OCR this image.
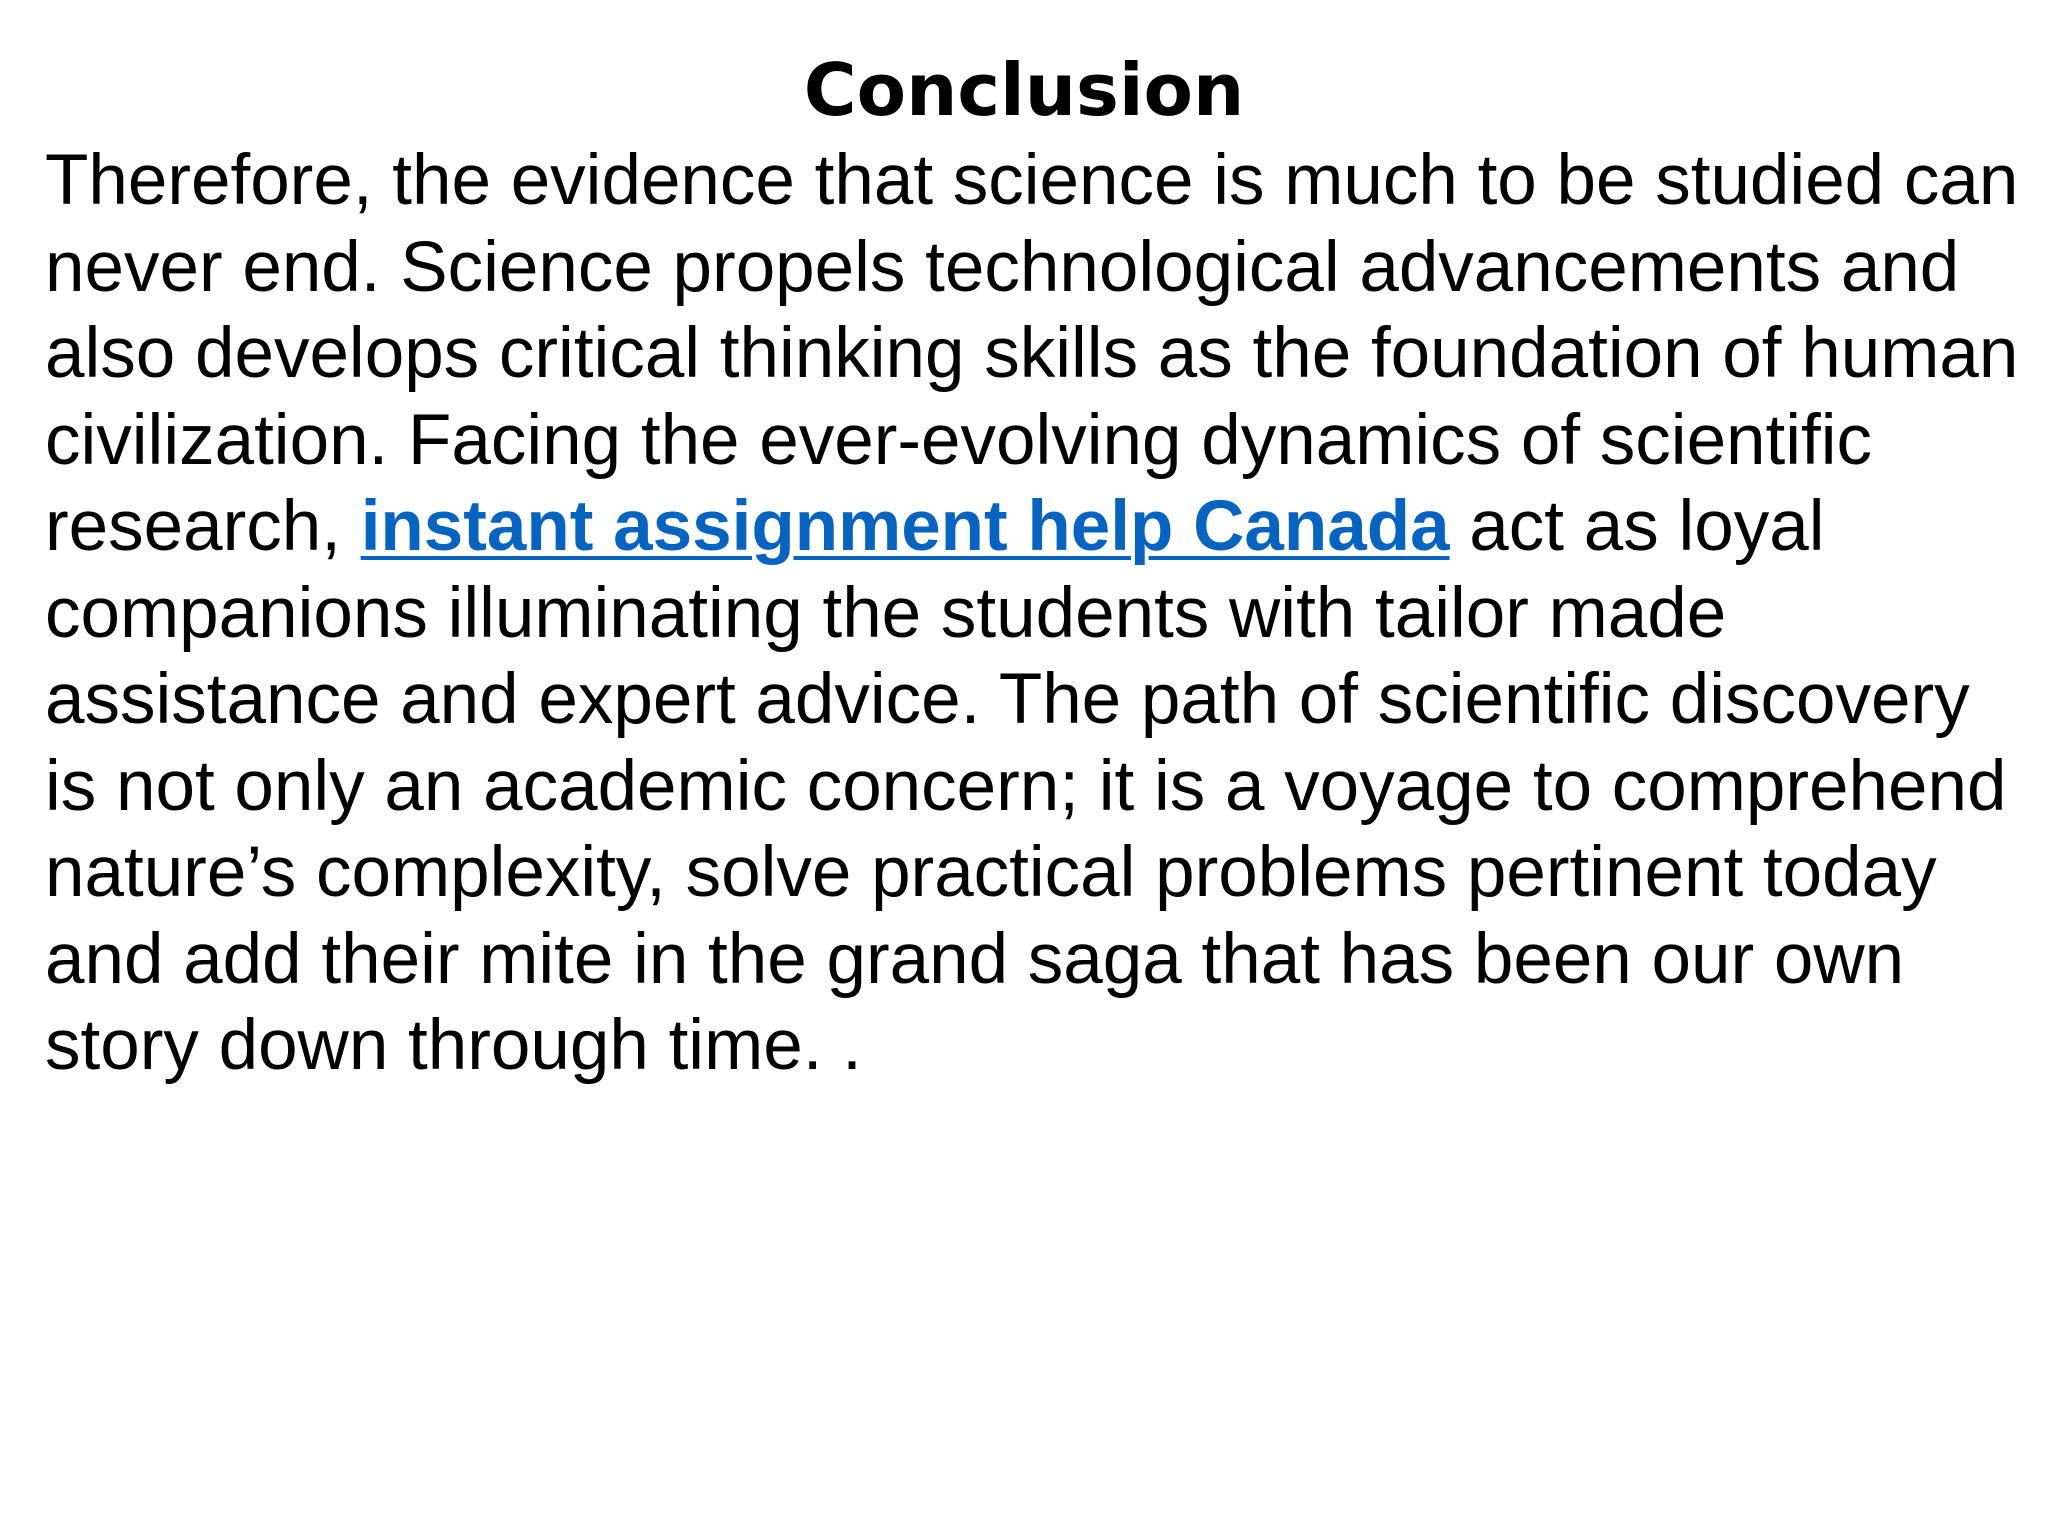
Conclusion

Therefore, the evidence that science is much to be studied can never end. Science propels technological advancements and also develops critical thinking skills as the foundation of human civilization. Facing the ever-evolving dynamics of scientific research, instant assignment help Canada act as loyal companions illuminating the students with tailor made assistance and expert advice. The path of scientific discovery is not only an academic concern; it is a voyage to comprehend nature’s complexity, solve practical problems pertinent today and add their mite in the grand saga that has been our own story down through time. .
